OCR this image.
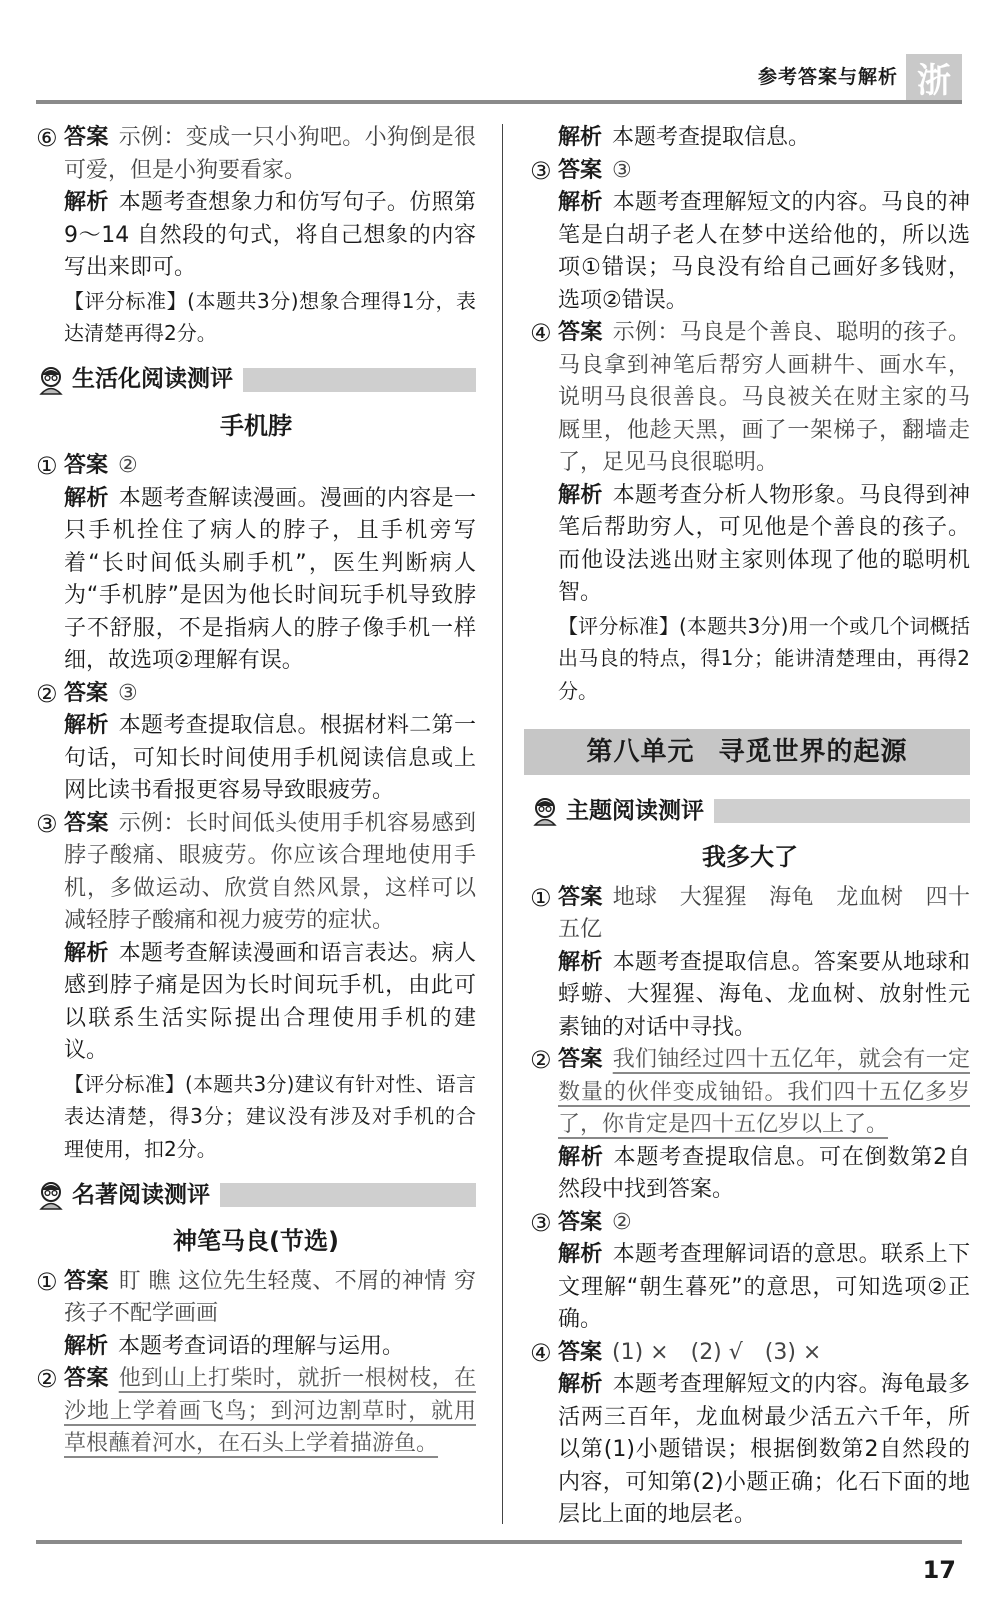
参考答案与解析 浙
⑥ 答案 示例：变成一只小狗吧。小狗倒是很可爱，但是小狗要看家。
解析 本题考查想象力和仿写句子。仿照第 9～14 自然段的句式，将自己想象的内容写出来即可。
【评分标准】(本题共3分)想象合理得1分，表达清楚再得2分。
生活化阅读测评
手机脖
① 答案 ②
解析 本题考查解读漫画。漫画的内容是一只手机拴住了病人的脖子，且手机旁写着“长时间低头刷手机”，医生判断病人为“手机脖”是因为他长时间玩手机导致脖子不舒服，不是指病人的脖子像手机一样细，故选项②理解有误。
② 答案 ③
解析 本题考查提取信息。根据材料二第一句话，可知长时间使用手机阅读信息或上网比读书看报更容易导致眼疲劳。
③ 答案 示例：长时间低头使用手机容易感到脖子酸痛、眼疲劳。你应该合理地使用手机，多做运动、欣赏自然风景，这样可以减轻脖子酸痛和视力疲劳的症状。
解析 本题考查解读漫画和语言表达。病人感到脖子痛是因为长时间玩手机，由此可以联系生活实际提出合理使用手机的建议。
【评分标准】(本题共3分)建议有针对性、语言表达清楚，得3分；建议没有涉及对手机的合理使用，扣2分。
名著阅读测评
神笔马良(节选)
① 答案 盯 瞧 这位先生轻蔑、不屑的神情 穷孩子不配学画画
解析 本题考查词语的理解与运用。
② 答案 他到山上打柴时，就折一根树枝，在沙地上学着画飞鸟；到河边割草时，就用草根蘸着河水，在石头上学着描游鱼。
解析 本题考查提取信息。
③ 答案 ③
解析 本题考查理解短文的内容。马良的神笔是白胡子老人在梦中送给他的，所以选项①错误；马良没有给自己画好多钱财，选项②错误。
④ 答案 示例：马良是个善良、聪明的孩子。马良拿到神笔后帮穷人画耕牛、画水车，说明马良很善良。马良被关在财主家的马厩里，他趁天黑，画了一架梯子，翻墙走了，足见马良很聪明。
解析 本题考查分析人物形象。马良得到神笔后帮助穷人，可见他是个善良的孩子。而他设法逃出财主家则体现了他的聪明机智。
【评分标准】(本题共3分)用一个或几个词概括出马良的特点，得1分；能讲清楚理由，再得2分。
第八单元 寻觅世界的起源
主题阅读测评
我多大了
① 答案 地球　大猩猩　海龟　龙血树　四十五亿
解析 本题考查提取信息。答案要从地球和蜉蝣、大猩猩、海龟、龙血树、放射性元素铀的对话中寻找。
② 答案 我们铀经过四十五亿年，就会有一定数量的伙伴变成铀铅。我们四十五亿多岁了，你肯定是四十五亿岁以上了。
解析 本题考查提取信息。可在倒数第2自然段中找到答案。
③ 答案 ②
解析 本题考查理解词语的意思。联系上下文理解“朝生暮死”的意思，可知选项②正确。
④ 答案 (1) ×　(2) √　(3) ×
解析 本题考查理解短文的内容。海龟最多活两三百年，龙血树最少活五六千年，所以第(1)小题错误；根据倒数第2自然段的内容，可知第(2)小题正确；化石下面的地层比上面的地层老。
17
